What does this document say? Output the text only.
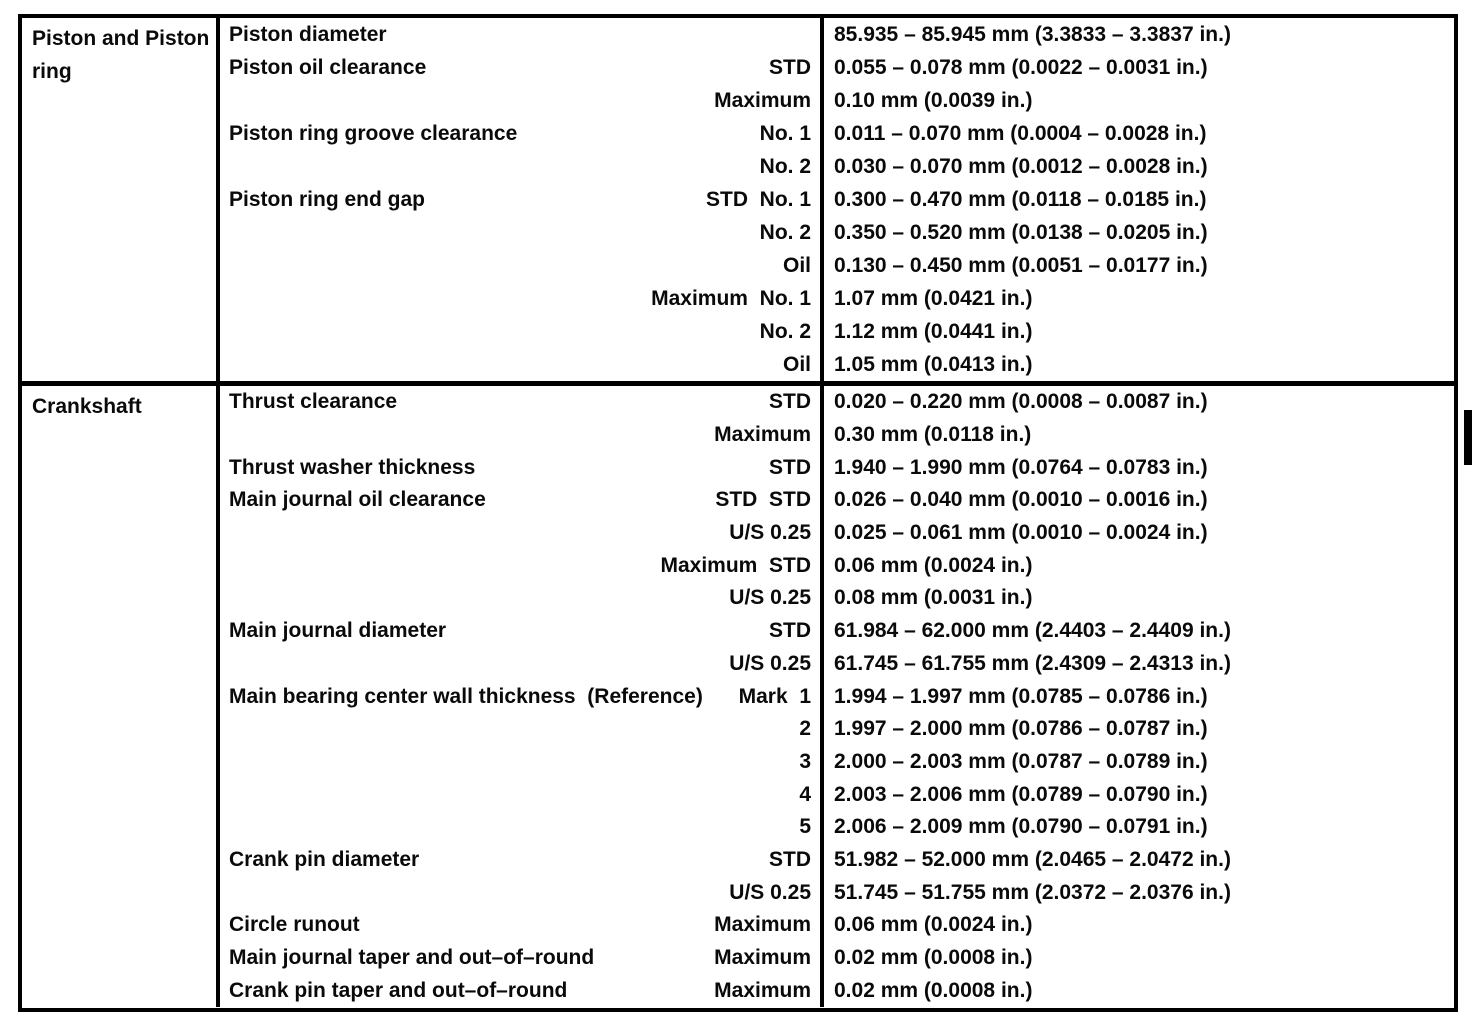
Piston and Piston ring
Piston diameter	85.935 – 85.945 mm (3.3833 – 3.3837 in.)
Piston oil clearance	STD 0.055 – 0.078 mm (0.0022 – 0.0031 in.)
Maximum 0.10 mm (0.0039 in.)
Piston ring groove clearance	No. 1 0.011 – 0.070 mm (0.0004 – 0.0028 in.)
No. 2 0.030 – 0.070 mm (0.0012 – 0.0028 in.)
Piston ring end gap	STD  No. 1 0.300 – 0.470 mm (0.0118 – 0.0185 in.)
No. 2 0.350 – 0.520 mm (0.0138 – 0.0205 in.)
Oil 0.130 – 0.450 mm (0.0051 – 0.0177 in.)
Maximum  No. 1 1.07 mm (0.0421 in.)
No. 2 1.12 mm (0.0441 in.)
Oil 1.05 mm (0.0413 in.)
Crankshaft	Thrust clearance	STD 0.020 – 0.220 mm (0.0008 – 0.0087 in.)
Maximum 0.30 mm (0.0118 in.)
Thrust washer thickness	STD 1.940 – 1.990 mm (0.0764 – 0.0783 in.)
Main journal oil clearance	STD  STD 0.026 – 0.040 mm (0.0010 – 0.0016 in.)
U/S 0.25 0.025 – 0.061 mm (0.0010 – 0.0024 in.)
Maximum  STD 0.06 mm (0.0024 in.)
U/S 0.25 0.08 mm (0.0031 in.)
Main journal diameter	STD 61.984 – 62.000 mm (2.4403 – 2.4409 in.)
U/S 0.25 61.745 – 61.755 mm (2.4309 – 2.4313 in.)
Main bearing center wall thickness  (Reference) Mark  1 1.994 – 1.997 mm (0.0785 – 0.0786 in.)
2 1.997 – 2.000 mm (0.0786 – 0.0787 in.)
3 2.000 – 2.003 mm (0.0787 – 0.0789 in.)
4 2.003 – 2.006 mm (0.0789 – 0.0790 in.)
5 2.006 – 2.009 mm (0.0790 – 0.0791 in.)
Crank pin diameter	STD 51.982 – 52.000 mm (2.0465 – 2.0472 in.)
U/S 0.25 51.745 – 51.755 mm (2.0372 – 2.0376 in.)
Circle runout	Maximum 0.06 mm (0.0024 in.)
Main journal taper and out–of–round	Maximum 0.02 mm (0.0008 in.)
Crank pin taper and out–of–round	Maximum 0.02 mm (0.0008 in.)
